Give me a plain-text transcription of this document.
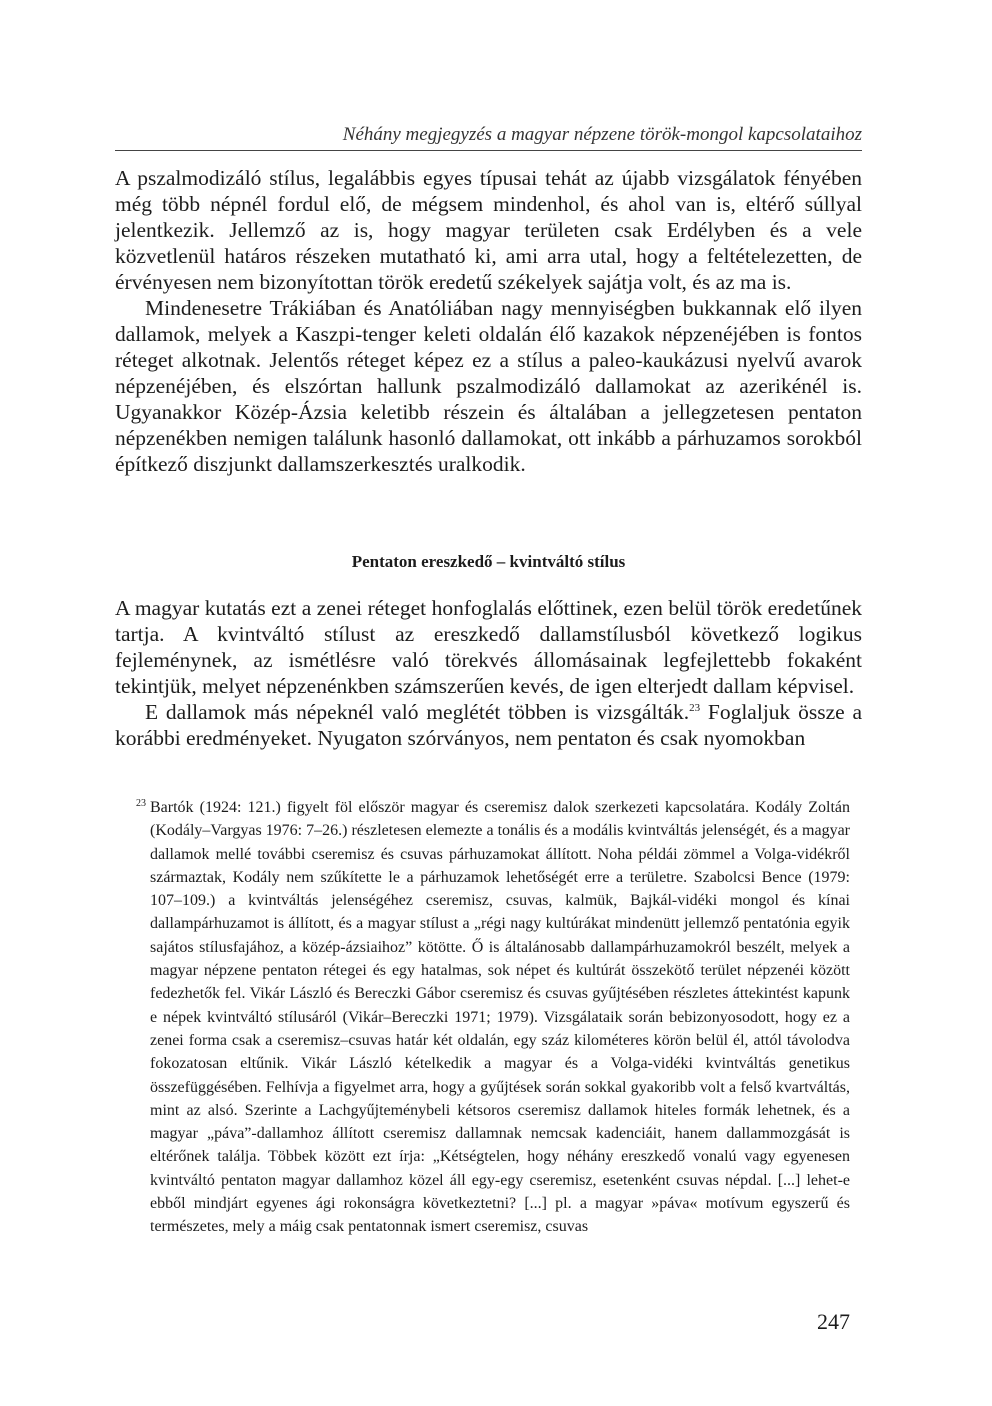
Néhány megjegyzés a magyar népzene török-mongol kapcsolataihoz

A pszalmodizáló stílus, legalábbis egyes típusai tehát az újabb vizsgálatok fényében még több népnél fordul elő, de mégsem mindenhol, és ahol van is, eltérő súllyal jelentkezik. Jellemző az is, hogy magyar területen csak Erdélyben és a vele közvetlenül határos részeken mutatható ki, ami arra utal, hogy a feltételezetten, de érvényesen nem bizonyítottan török eredetű székelyek sajátja volt, és az ma is.

Mindenesetre Trákiában és Anatóliában nagy mennyiségben bukkannak elő ilyen dallamok, melyek a Kaszpi-tenger keleti oldalán élő kazakok népzenéjében is fontos réteget alkotnak. Jelentős réteget képez ez a stílus a paleo-kaukázusi nyelvű avarok népzenéjében, és elszórtan hallunk pszalmodizáló dallamokat az azerikénél is. Ugyanakkor Közép-Ázsia keletibb részein és általában a jellegzetesen pentaton népzenékben nemigen találunk hasonló dallamokat, ott inkább a párhuzamos sorokból építkező diszjunkt dallamszerkesztés uralkodik.

Pentaton ereszkedő – kvintváltó stílus

A magyar kutatás ezt a zenei réteget honfoglalás előttinek, ezen belül török eredetűnek tartja. A kvintváltó stílust az ereszkedő dallamstílusból következő logikus fejleménynek, az ismétlésre való törekvés állomásainak legfejlettebb fokaként tekintjük, melyet népzenénkben számszerűen kevés, de igen elterjedt dallam képvisel.

E dallamok más népeknél való meglétét többen is vizsgálták.$^{23}$ Foglaljuk össze a korábbi eredményeket. Nyugaton szórványos, nem pentaton és csak nyomokban

$^{23}$ Bartók (1924: 121.) figyelt föl először magyar és cseremisz dalok szerkezeti kapcsolatára. Kodály Zoltán (Kodály–Vargyas 1976: 7–26.) részletesen elemezte a tonális és a modális kvintváltás jelenségét, és a magyar dallamok mellé további cseremisz és csuvas párhuzamokat állított. Noha példái zömmel a Volga-vidékről származtak, Kodály nem szűkítette le a párhuzamok lehetőségét erre a területre. Szabolcsi Bence (1979: 107–109.) a kvintváltás jelenségéhez cseremisz, csuvas, kalmük, Bajkál-vidéki mongol és kínai dallampárhuzamot is állított, és a magyar stílust a „régi nagy kultúrákat mindenütt jellemző pentatónia egyik sajátos stílusfajához, a közép-ázsiaihoz” kötötte. Ő is általánosabb dallampárhuzamokról beszélt, melyek a magyar népzene pentaton rétegei és egy hatalmas, sok népet és kultúrát összekötő terület népzenéi között fedezhetők fel. Vikár László és Bereczki Gábor cseremisz és csuvas gyűjtésében részletes áttekintést kapunk e népek kvintváltó stílusáról (Vikár–Bereczki 1971; 1979). Vizsgálataik során bebizonyosodott, hogy ez a zenei forma csak a cseremisz–csuvas határ két oldalán, egy száz kilométeres körön belül él, attól távolodva fokozatosan eltűnik. Vikár László kételkedik a magyar és a Volga-vidéki kvintváltás genetikus összefüggésében. Felhívja a figyelmet arra, hogy a gyűjtések során sokkal gyakoribb volt a felső kvartváltás, mint az alsó. Szerinte a Lachgyűjteménybeli kétsoros cseremisz dallamok hiteles formák lehetnek, és a magyar „páva”-dallamhoz állított cseremisz dallamnak nemcsak kadenciáit, hanem dallammozgását is eltérőnek találja. Többek között ezt írja: „Kétségtelen, hogy néhány ereszkedő vonalú vagy egyenesen kvintváltó pentaton magyar dallamhoz közel áll egy-egy cseremisz, esetenként csuvas népdal. [...] lehet-e ebből mindjárt egyenes ági rokonságra következtetni? [...] pl. a magyar »páva« motívum egyszerű és természetes, mely a máig csak pentatonnak ismert cseremisz, csuvas

247
